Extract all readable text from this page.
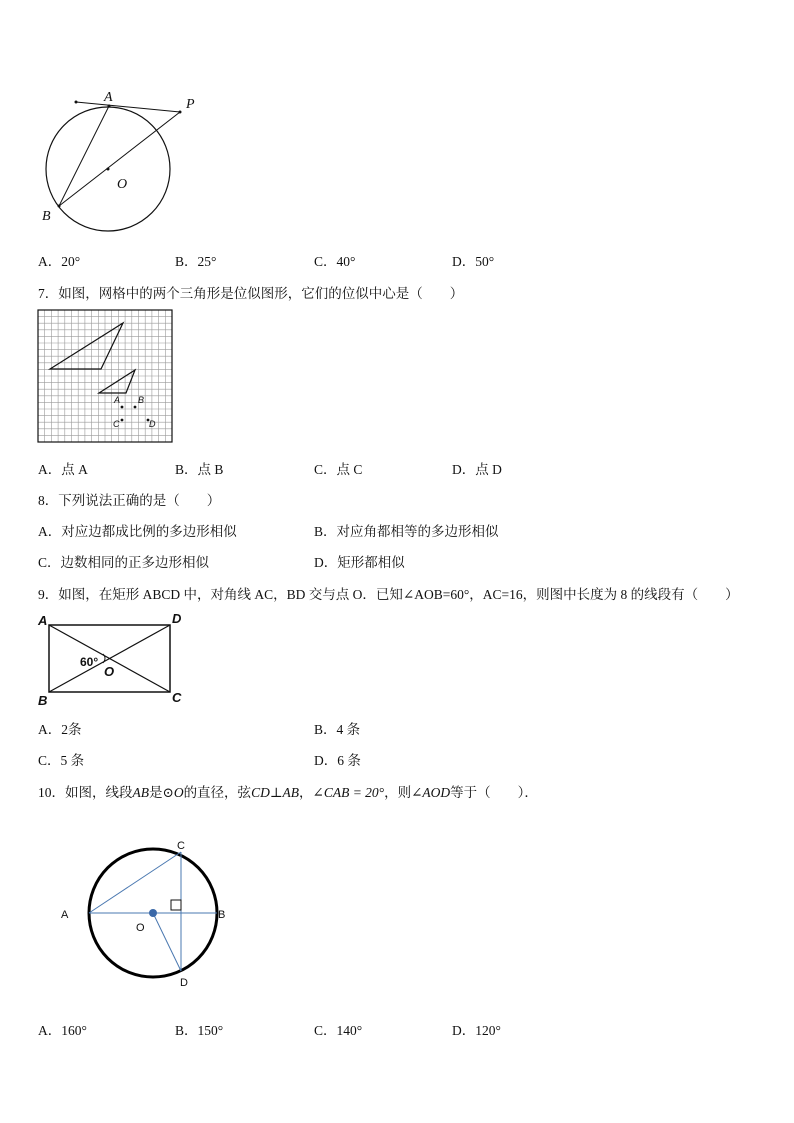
A	P
O
B
A．20°	B．25°	C．40°	D．50°
7．如图，网格中的两个三角形是位似图形，它们的位似中心是（　　）
A B
C	D
A．点 A	B．点 B	C．点 C	D．点 D
8．下列说法正确的是（　　）
A．对应边都成比例的多边形相似	B．对应角都相等的多边形相似
C．边数相同的正多边形相似	D．矩形都相似
9．如图，在矩形 ABCD 中，对角线 AC，BD 交与点 O．已知∠AOB=60°，AC=16，则图中长度为 8 的线段有（　　）
A	D
B	C
O
60°
A．2条	B．4 条
C．5 条	D．6 条
10．如图，线段AB是⊙O的直径，弦CD⊥AB，∠CAB = 20°，则∠AOD等于（　　）．
C
A	B
O
D
A．160°	B．150°	C．140°	D．120°
